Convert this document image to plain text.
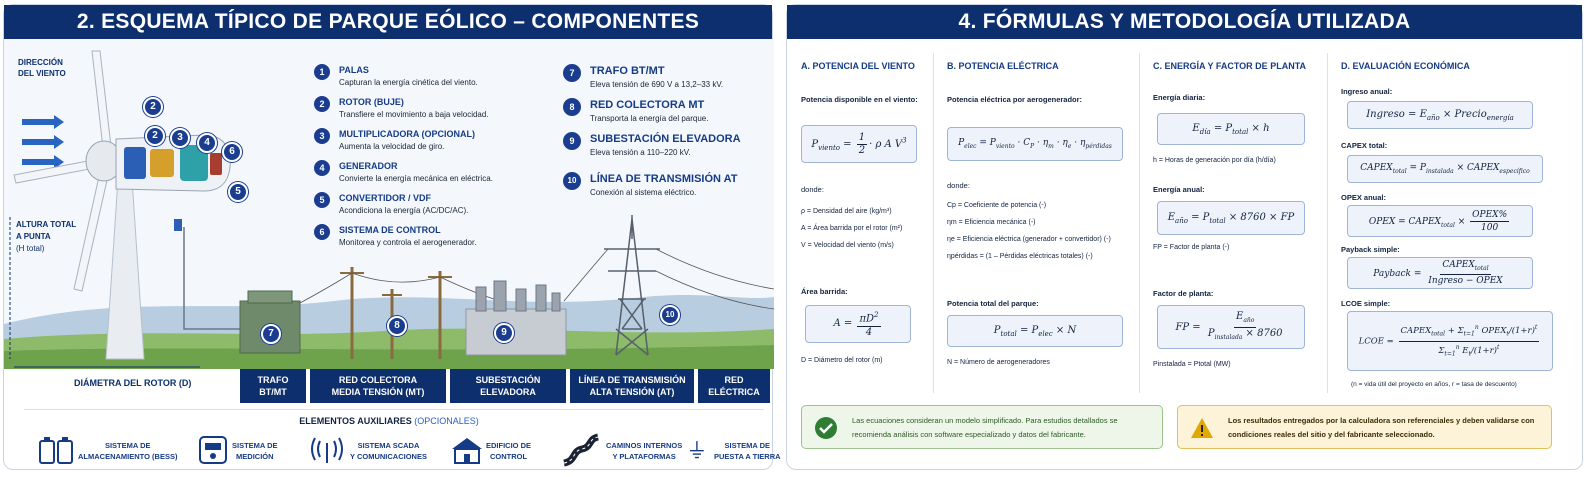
2. ESQUEMA TÍPICO DE PARQUE EÓLICO – COMPONENTES
DIRECCIÓN
DEL VIENTO
ALTURA TOTAL
A PUNTA
(H total)
2
2	3	4
6
5
7
8
9
10
1	PALAS
Capturan la energía cinética del viento.
2	ROTOR (BUJE)
Transfiere el movimiento a baja velocidad.
3	MULTIPLICADORA (OPCIONAL)
Aumenta la velocidad de giro.
4	GENERADOR
Convierte la energía mecánica en eléctrica.
5	CONVERTIDOR / VDF
Acondiciona la energía (AC/DC/AC).
6	SISTEMA DE CONTROL
Monitorea y controla el aerogenerador.
7	TRAFO BT/MT
Eleva tensión de 690 V a 13,2–33 kV.
8	RED COLECTORA MT
Transporta la energía del parque.
9	SUBESTACIÓN ELEVADORA
Eleva tensión a 110–220 kV.
10	LÍNEA DE TRANSMISIÓN AT
Conexión al sistema eléctrico.
DIÁMETRA DEL ROTOR (D)	TRAFO
BT/MT
RED COLECTORA
MEDIA TENSIÓN (MT)
SUBESTACIÓN
ELEVADORA
LÍNEA DE TRANSMISIÓN
ALTA TENSIÓN (AT)
RED
ELÉCTRICA
ELEMENTOS AUXILIARES (OPCIONALES)
SISTEMA DE
ALMACENAMIENTO (BESS)
SISTEMA DE
MEDICIÓN
SISTEMA SCADA
Y COMUNICACIONES
EDIFICIO DE
CONTROL
CAMINOS INTERNOS
Y PLATAFORMAS
SISTEMA DE
PUESTA A TIERRA
4. FÓRMULAS Y METODOLOGÍA UTILIZADA
A. POTENCIA DEL VIENTO
Potencia disponible en el viento:
$P_{viento} = \frac{1}{2} \cdot \rho$ A $V^3$
donde:
ρ = Densidad del aire (kg/m³)
A = Área barrida por el rotor (m²)
V = Velocidad del viento (m/s)
Área barrida:
$A = \frac{\pi D^2}{4}$
D = Diámetro del rotor (m)
B. POTENCIA ELÉCTRICA
Potencia eléctrica por aerogenerador:
$P_{elec} = P_{viento} \cdot C_P \cdot \eta_m \cdot \eta_e \cdot \eta_{pérdidas}$
donde:
Cp = Coeficiente de potencia (-)
ηm = Eficiencia mecánica (-)
ηe = Eficiencia eléctrica (generador + convertidor) (-)
ηpérdidas = (1 – Pérdidas eléctricas totales) (-)
Potencia total del parque:
$P_{total} = P_{elec} \times N$
N = Número de aerogeneradores
C. ENERGÍA Y FACTOR DE PLANTA
Energía diaria:
$E_{día} = P_{total} \times h$
h = Horas de generación por día (h/día)
Energía anual:
$E_{año} = P_{total} \times 8760$ × FP
FP = Factor de planta (-)
Factor de planta:
FP = $\frac{E_{año}}{P_{instalada} \times 8760}$
Pinstalada = Ptotal (MW)
D. EVALUACIÓN ECONÓMICA
Ingreso anual:
Ingreso = $E_{año}$ × Precio$_{energía}$
CAPEX total:
$CAPEX_{total} = P_{instalada}$ × $CAPEX_{específico}$
OPEX anual:
OPEX = $CAPEX_{total} \times \frac{\text{OPEX\%}}{100}$
Payback simple:
Payback = $\frac{CAPEX_{total}}{\text{Ingreso − OPEX}}$
LCOE simple:
LCOE = $\frac{CAPEX_{total} + \Sigma_{t=1}^n OPEX_t/(1+r)^t}{\Sigma_{t=1}^n E_t/(1+r)^t}$
(n = vida útil del proyecto en años, r = tasa de descuento)
Las ecuaciones consideran un modelo simplificado. Para estudios detallados se recomienda análisis con software especializado y datos del fabricante.
Los resultados entregados por la calculadora son referenciales y deben validarse con condiciones reales del sitio y del fabricante seleccionado.
